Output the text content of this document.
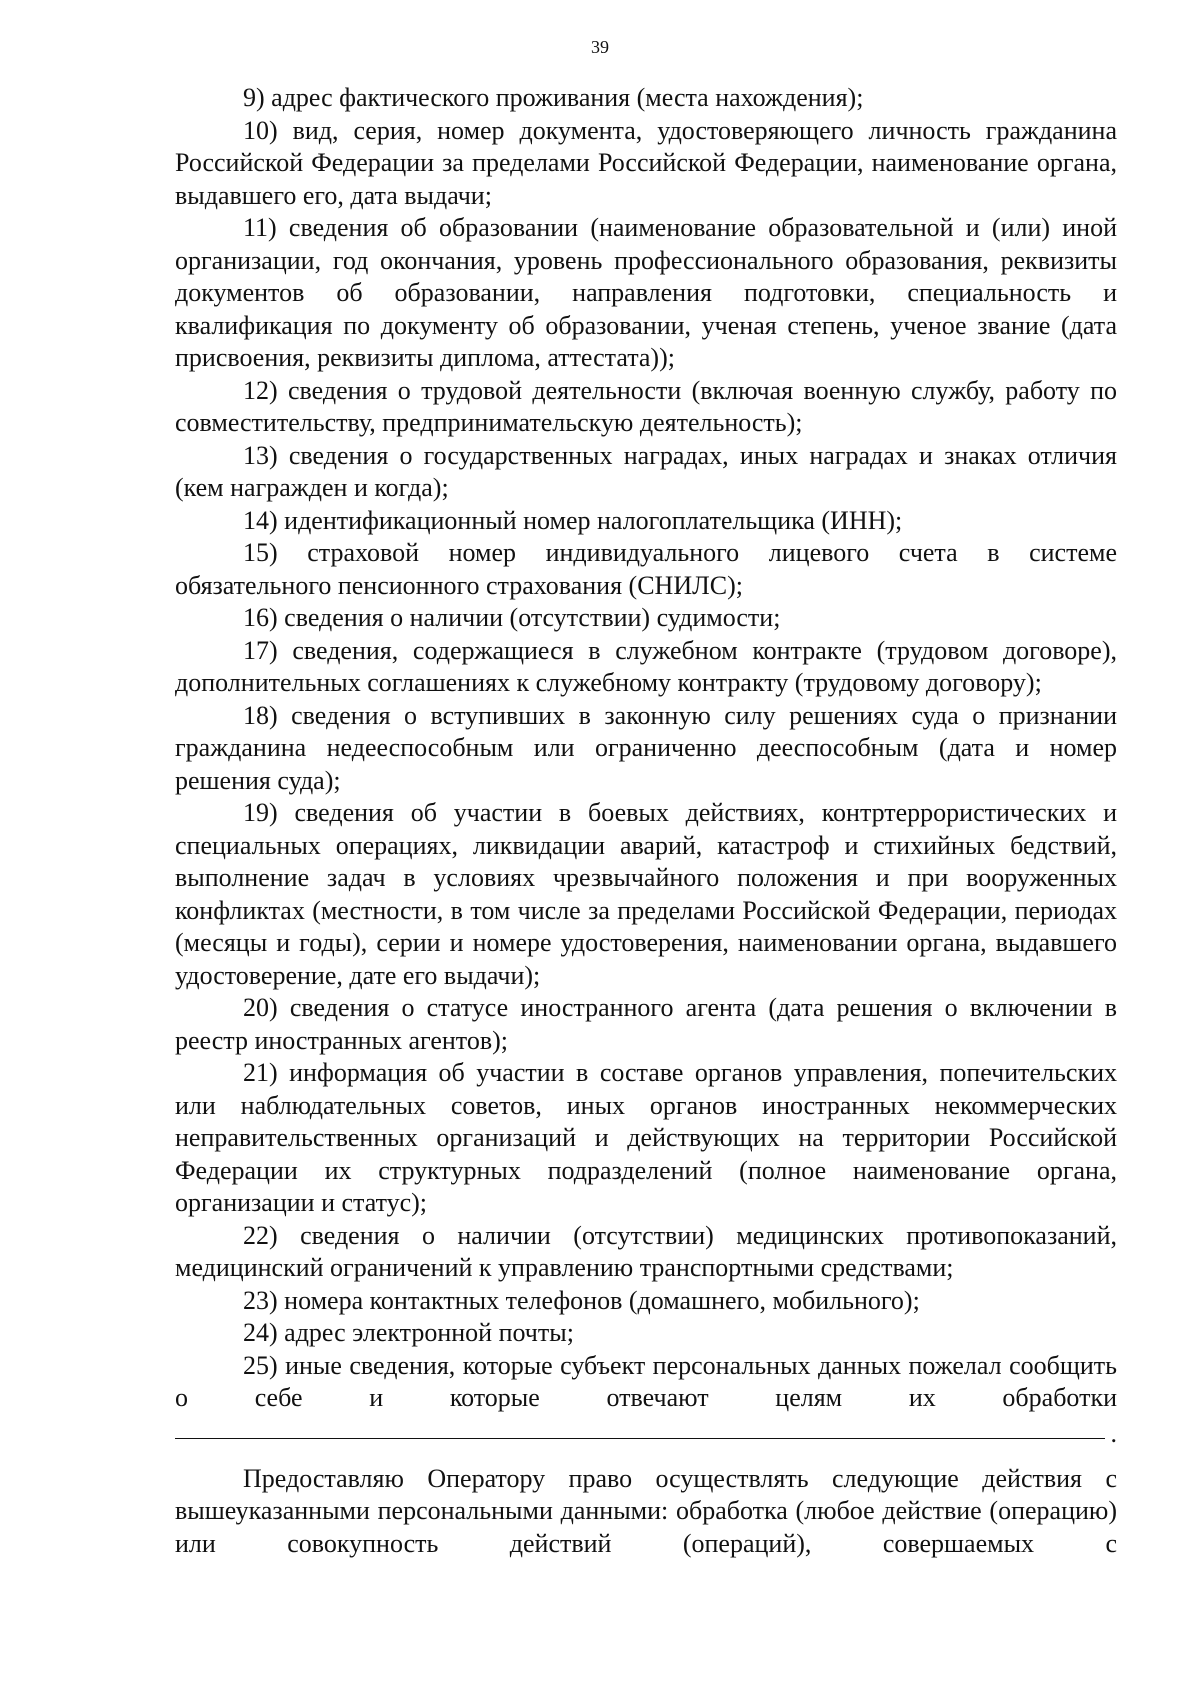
39

9) адрес фактического проживания (места нахождения);

10) вид, серия, номер документа, удостоверяющего личность гражданина Российской Федерации за пределами Российской Федерации, наименование органа, выдавшего его, дата выдачи;

11) сведения об образовании (наименование образовательной и (или) иной организации, год окончания, уровень профессионального образования, реквизиты документов об образовании, направления подготовки, специальность и квалификация по документу об образовании, ученая степень, ученое звание (дата присвоения, реквизиты диплома, аттестата));

12) сведения о трудовой деятельности (включая военную службу, работу по совместительству, предпринимательскую деятельность);

13) сведения о государственных наградах, иных наградах и знаках отличия (кем награжден и когда);

14) идентификационный номер налогоплательщика (ИНН);

15) страховой номер индивидуального лицевого счета в системе обязательного пенсионного страхования (СНИЛС);

16) сведения о наличии (отсутствии) судимости;

17) сведения, содержащиеся в служебном контракте (трудовом договоре), дополнительных соглашениях к служебному контракту (трудовому договору);

18) сведения о вступивших в законную силу решениях суда о признании гражданина недееспособным или ограниченно дееспособным (дата и номер решения суда);

19) сведения об участии в боевых действиях, контртеррористических и специальных операциях, ликвидации аварий, катастроф и стихийных бедствий, выполнение задач в условиях чрезвычайного положения и при вооруженных конфликтах (местности, в том числе за пределами Российской Федерации, периодах (месяцы и годы), серии и номере удостоверения, наименовании органа, выдавшего удостоверение, дате его выдачи);

20) сведения о статусе иностранного агента (дата решения о включении в реестр иностранных агентов);

21) информация об участии в составе органов управления, попечительских или наблюдательных советов, иных органов иностранных некоммерческих неправительственных организаций и действующих на территории Российской Федерации их структурных подразделений (полное наименование органа, организации и статус);

22) сведения о наличии (отсутствии) медицинских противопоказаний, медицинский ограничений к управлению транспортными средствами;

23) номера контактных телефонов (домашнего, мобильного);

24) адрес электронной почты;

25) иные сведения, которые субъект персональных данных пожелал сообщить о себе и которые отвечают целям их обработки

.

Предоставляю Оператору право осуществлять следующие действия с вышеуказанными персональными данными: обработка (любое действие (операцию) или совокупность действий (операций), совершаемых с
